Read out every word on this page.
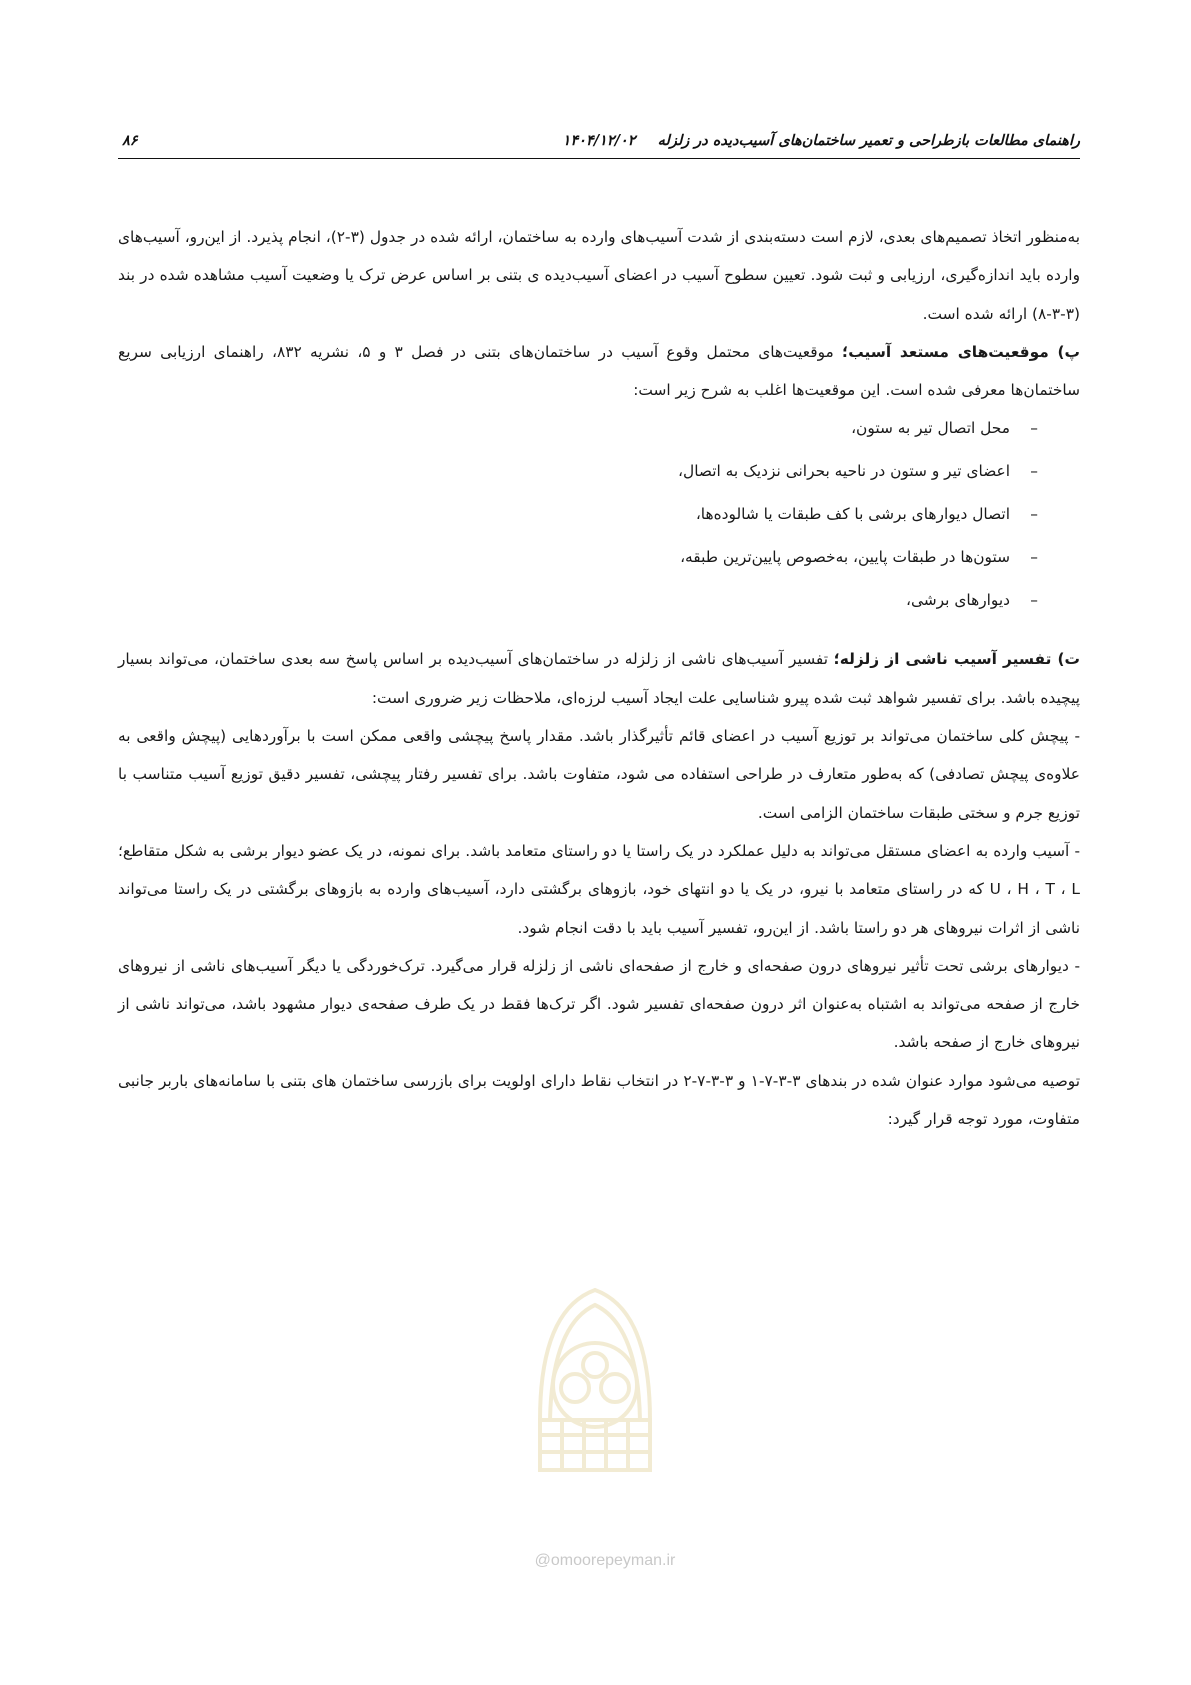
راهنمای مطالعات بازطراحی و تعمیر ساختمان‌های آسیب‌دیده در زلزله
۱۴۰۴/۱۲/۰۲
۸۶

به‌منظور اتخاذ تصمیم‌های بعدی، لازم است دسته‌بندی از شدت آسیب‌های وارده به ساختمان، ارائه شده در جدول (۳-۲)، انجام پذیرد. از این‌رو، آسیب‌های وارده باید اندازه‌گیری، ارزیابی و ثبت شود. تعیین سطوح آسیب در اعضای آسیب‌دیده ی بتنی بر اساس عرض ترک یا وضعیت آسیب مشاهده شده در بند (۳-۳-۸) ارائه شده است.

پ) موقعیت‌های مستعد آسیب؛ موقعیت‌های محتمل وقوع آسیب در ساختمان‌های بتنی در فصل ۳ و ۵، نشریه ۸۳۲، راهنمای ارزیابی سریع ساختمان‌ها معرفی شده است. این موقعیت‌ها اغلب به شرح زیر است:

–محل اتصال تیر به ستون،
–اعضای تیر و ستون در ناحیه بحرانی نزدیک به اتصال،
–اتصال دیوارهای برشی با کف طبقات یا شالوده‌ها،
–ستون‌ها در طبقات پایین، به‌خصوص پایین‌ترین طبقه،
–دیوارهای برشی،

ت) تفسیر آسیب ناشی از زلزله؛ تفسیر آسیب‌های ناشی از زلزله در ساختمان‌های آسیب‌دیده بر اساس پاسخ سه بعدی ساختمان، می‌تواند بسیار پیچیده باشد. برای تفسیر شواهد ثبت شده پیرو شناسایی علت ایجاد آسیب لرزه‌ای، ملاحظات زیر ضروری است:

- پیچش کلی ساختمان می‌تواند بر توزیع آسیب در اعضای قائم تأثیرگذار باشد. مقدار پاسخ پیچشی واقعی ممکن است با برآوردهایی (پیچش واقعی به علاوه‌ی پیچش تصادفی) که به‌طور متعارف در طراحی استفاده می شود، متفاوت باشد. برای تفسیر رفتار پیچشی، تفسیر دقیق توزیع آسیب متناسب با توزیع جرم و سختی طبقات ساختمان الزامی است.

- آسیب وارده به اعضای مستقل می‌تواند به دلیل عملکرد در یک راستا یا دو راستای متعامد باشد. برای نمونه، در یک عضو دیوار برشی به شکل متقاطع؛ U ، H ، T ، L که در راستای متعامد با نیرو، در یک یا دو انتهای خود، بازوهای برگشتی دارد، آسیب‌های وارده به بازوهای برگشتی در یک راستا می‌تواند ناشی از اثرات نیروهای هر دو راستا باشد. از این‌رو، تفسیر آسیب باید با دقت انجام شود.

- دیوارهای برشی تحت تأثیر نیروهای درون صفحه‌ای و خارج از صفحه‌ای ناشی از زلزله قرار می‌گیرد. ترک‌خوردگی یا دیگر آسیب‌های ناشی از نیروهای خارج از صفحه می‌تواند به اشتباه به‌عنوان اثر درون صفحه‌ای تفسیر شود. اگر ترک‌ها فقط در یک طرف صفحه‌ی دیوار مشهود باشد، می‌تواند ناشی از نیروهای خارج از صفحه باشد.

توصیه می‌شود موارد عنوان شده در بندهای ۳-۳-۷-۱ و ۳-۳-۷-۲ در انتخاب نقاط دارای اولویت برای بازرسی ساختمان های بتنی با سامانه‌های باربر جانبی متفاوت، مورد توجه قرار گیرد:

@omoorepeyman.ir
